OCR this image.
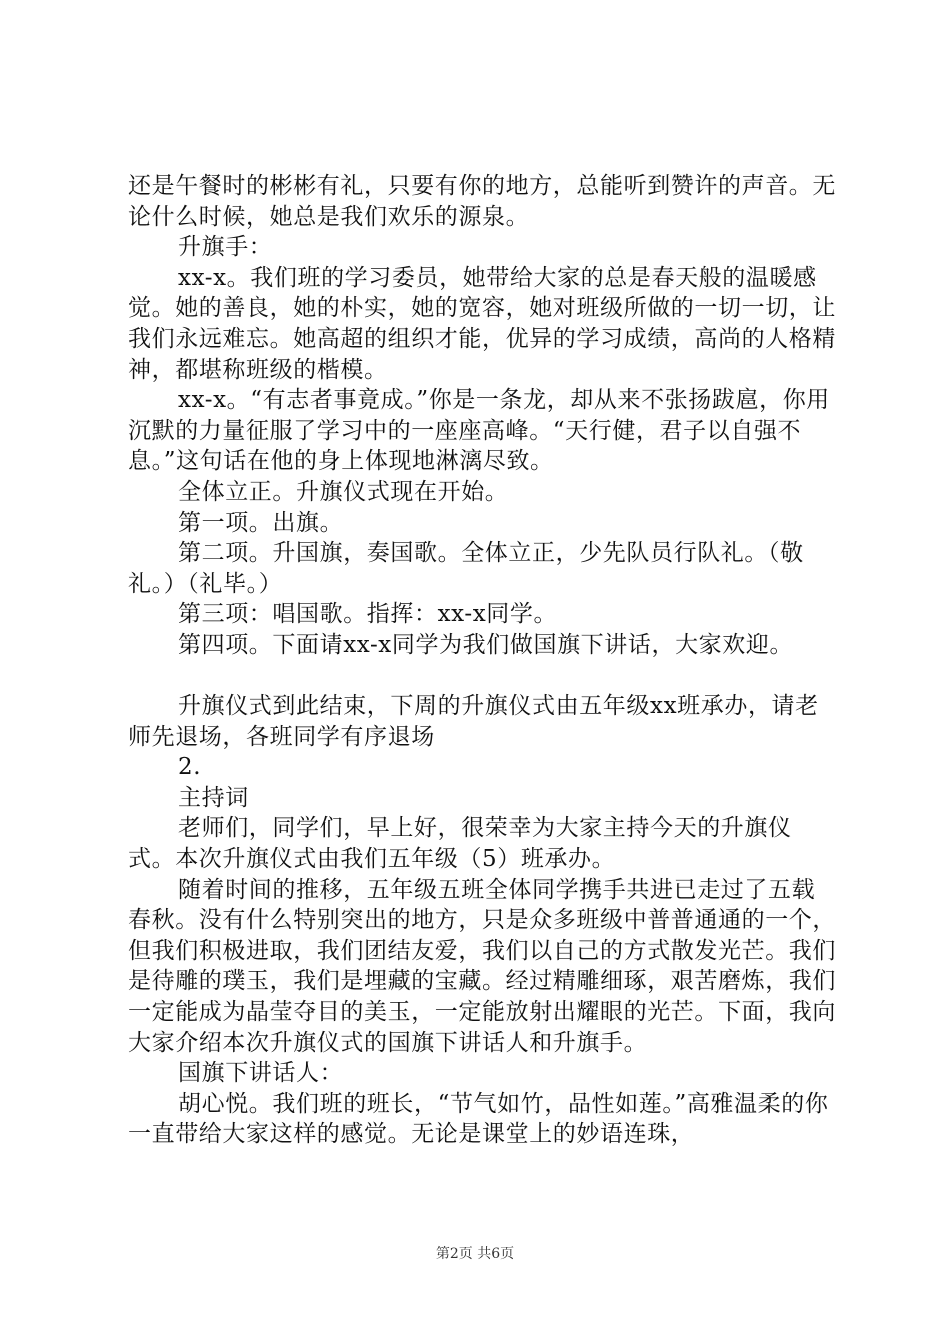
还是午餐时的彬彬有礼，只要有你的地方，总能听到赞许的声音。无论什么时候，她总是我们欢乐的源泉。

升旗手：

xx-x。我们班的学习委员，她带给大家的总是春天般的温暖感觉。她的善良，她的朴实，她的宽容，她对班级所做的一切一切，让我们永远难忘。她高超的组织才能，优异的学习成绩，高尚的人格精神，都堪称班级的楷模。

xx-x。“有志者事竟成。”你是一条龙，却从来不张扬跋扈，你用沉默的力量征服了学习中的一座座高峰。“天行健，君子以自强不息。”这句话在他的身上体现地淋漓尽致。

全体立正。升旗仪式现在开始。

第一项。出旗。

第二项。升国旗，奏国歌。全体立正，少先队员行队礼。（敬礼。）（礼毕。）

第三项：唱国歌。指挥：xx-x同学。

第四项。下面请xx-x同学为我们做国旗下讲话，大家欢迎。

升旗仪式到此结束，下周的升旗仪式由五年级xx班承办，请老师先退场，各班同学有序退场

2.

主持词

老师们，同学们，早上好，很荣幸为大家主持今天的升旗仪式。本次升旗仪式由我们五年级（5）班承办。

随着时间的推移，五年级五班全体同学携手共进已走过了五载春秋。没有什么特别突出的地方，只是众多班级中普普通通的一个，但我们积极进取，我们团结友爱，我们以自己的方式散发光芒。我们是待雕的璞玉，我们是埋藏的宝藏。经过精雕细琢，艰苦磨炼，我们一定能成为晶莹夺目的美玉，一定能放射出耀眼的光芒。下面，我向大家介绍本次升旗仪式的国旗下讲话人和升旗手。

国旗下讲话人：

胡心悦。我们班的班长，“节气如竹，品性如莲。”高雅温柔的你一直带给大家这样的感觉。无论是课堂上的妙语连珠，

第2页 共6页
